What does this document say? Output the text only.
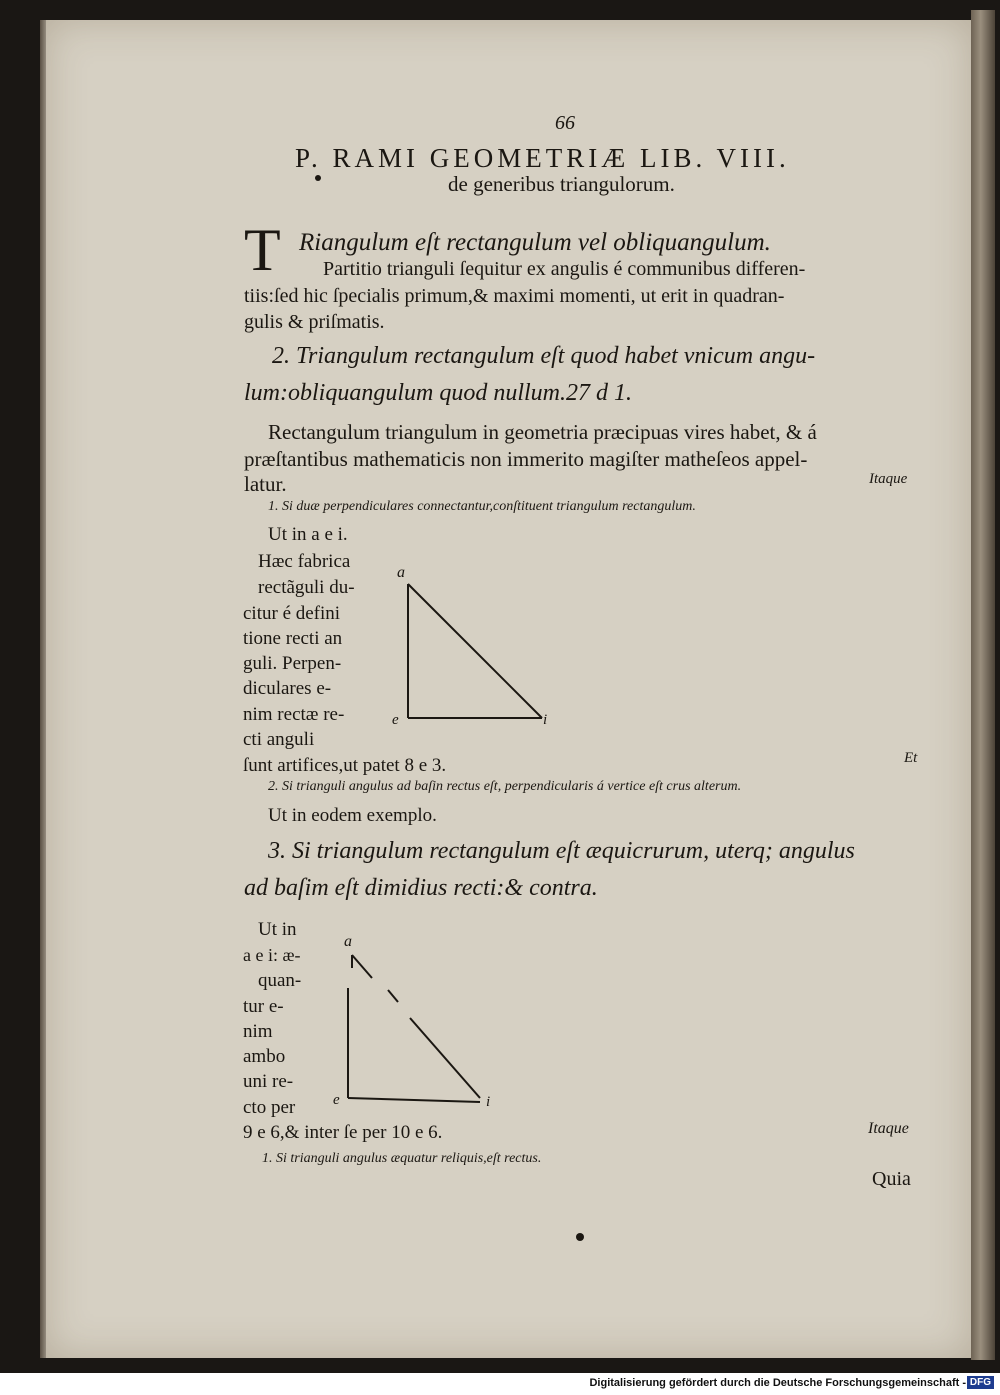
66
P. RAMI GEOMETRIÆ LIB. VIII.
de generibus triangulorum.
T Riangulum eſt rectangulum vel obliquangulum.
Partitio trianguli ſequitur ex angulis é communibus differen-
tiis:ſed hic ſpecialis primum,& maximi momenti, ut erit in quadran-
gulis & priſmatis.
2. Triangulum rectangulum eſt quod habet vnicum angu-
lum:obliquangulum quod nullum.27 d 1.
Rectangulum triangulum in geometria præcipuas vires habet, & á
præſtantibus mathematicis non immerito magiſter matheſeos appel-
latur.	Itaque
1. Si duæ perpendiculares connectantur,conſtituent triangulum rectangulum.
Ut in a e i.
Hæc fabrica
rectãguli du-
citur é defini
tione recti an
guli. Perpen-
diculares e-
nim rectæ re-
cti anguli
ſunt artifices,ut patet 8 e 3.	Et
2. Si trianguli angulus ad baſin rectus eſt, perpendicularis á vertice eſt crus alterum.
Ut in eodem exemplo.
3. Si triangulum rectangulum eſt æquicrurum, uterq; angulus
ad baſim eſt dimidius recti:& contra.
Ut in
a e i: æ-
quan-
tur e-
nim
ambo
uni re-
cto per
9 e 6,& inter ſe per 10 e 6.	Itaque
1. Si trianguli angulus æquatur reliquis,eſt rectus.
Quia
a
e	i
a
e	i
Digitalisierung gefördert durch die Deutsche Forschungsgemeinschaft - DFG
